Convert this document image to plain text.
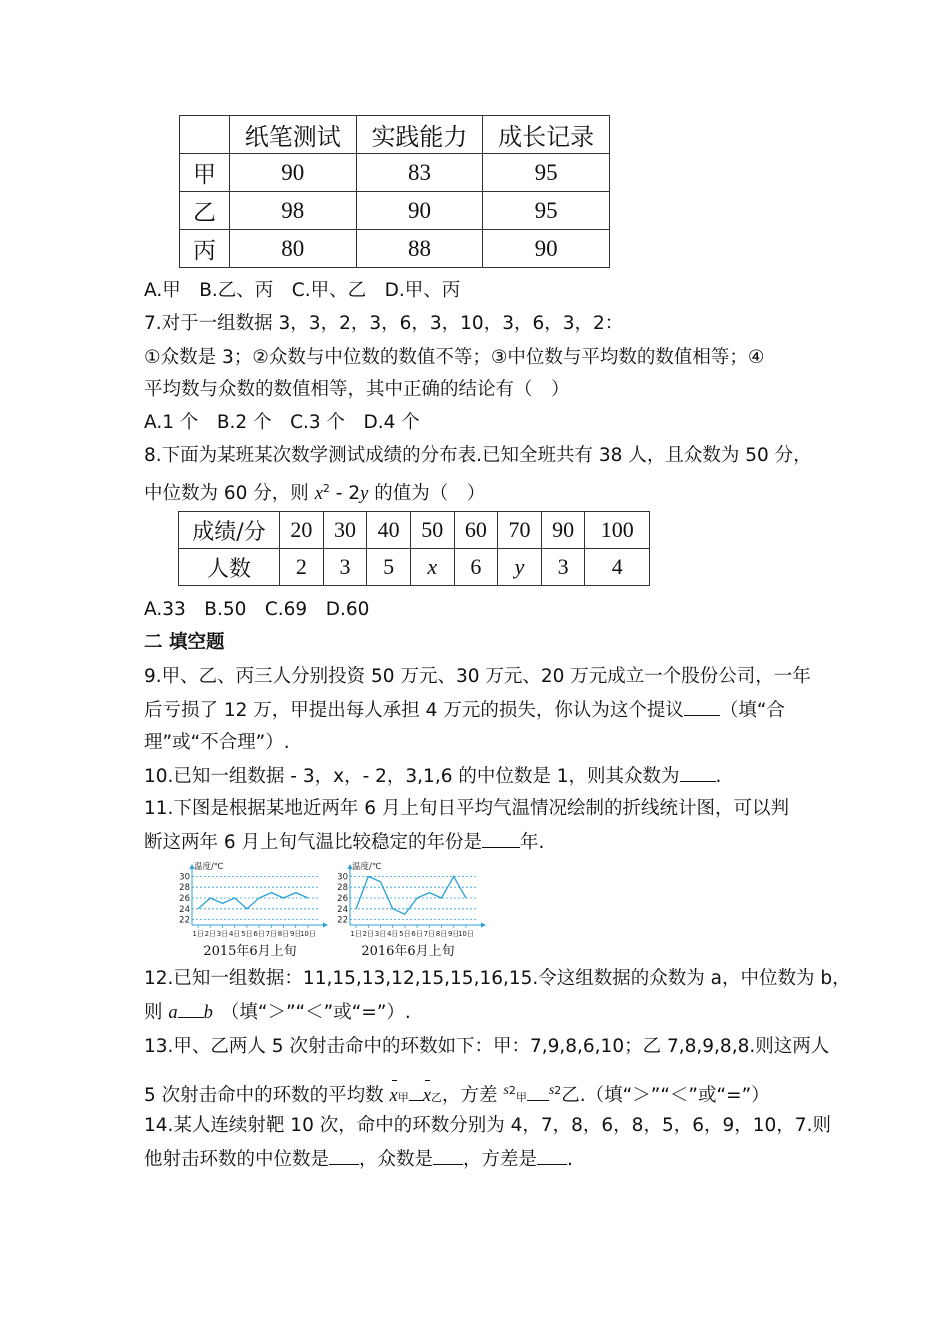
	纸笔测试	实践能力	成长记录
甲	90	83	95
乙	98	90	95
丙	80	88	90
A.甲　B.乙、丙　C.甲、乙　D.甲、丙
7.对于一组数据 3，3，2，3，6，3，10，3，6，3，2：
①众数是 3；②众数与中位数的数值不等；③中位数与平均数的数值相等；④
平均数与众数的数值相等，其中正确的结论有（　）
A.1 个　B.2 个　C.3 个　D.4 个
8.下面为某班某次数学测试成绩的分布表.已知全班共有 38 人，且众数为 50 分，
中位数为 60 分，则 $x^2 - 2y$ 的值为（　）
成绩/分	20	30	40	50	60	70	90	100
人数	2	3	5	x	6	y	3	4
A.33　B.50　C.69　D.60
二 填空题
9.甲、乙、丙三人分别投资 50 万元、30 万元、20 万元成立一个股份公司，一年
后亏损了 12 万，甲提出每人承担 4 万元的损失，你认为这个提议 （填“合
理”或“不合理”）.
10.已知一组数据 - 3，x，- 2，3,1,6 的中位数是 1，则其众数为 .
11.下图是根据某地近两年 6 月上旬日平均气温情况绘制的折线统计图，可以判
断这两年 6 月上旬气温比较稳定的年份是 年.
温度/℃
30
28
26
24
22
1日 2日 3日 4日 5日 6日 7日 8日 9日
10日
2015年6月上旬
温度/℃
30
28
26
24
22
1日 2日 3日 4日 5日 6日 7日 8日 9日
10日
2016年6月上旬
12.已知一组数据：11,15,13,12,15,15,16,15.令这组数据的众数为 a，中位数为 b，
则 a b （填“＞”“＜”或“=”）.
13.甲、乙两人 5 次射击命中的环数如下：甲：7,9,8,6,10；乙 7,8,9,8,8.则这两人
5 次射击命中的环数的平均数 x甲 x乙，方差 $^{s2}$甲 $^{s2}$乙.（填“＞”“＜”或“=”）
14.某人连续射靶 10 次，命中的环数分别为 4，7，8，6，8，5，6，9，10，7.则
他射击环数的中位数是 ，众数是 ，方差是 .
